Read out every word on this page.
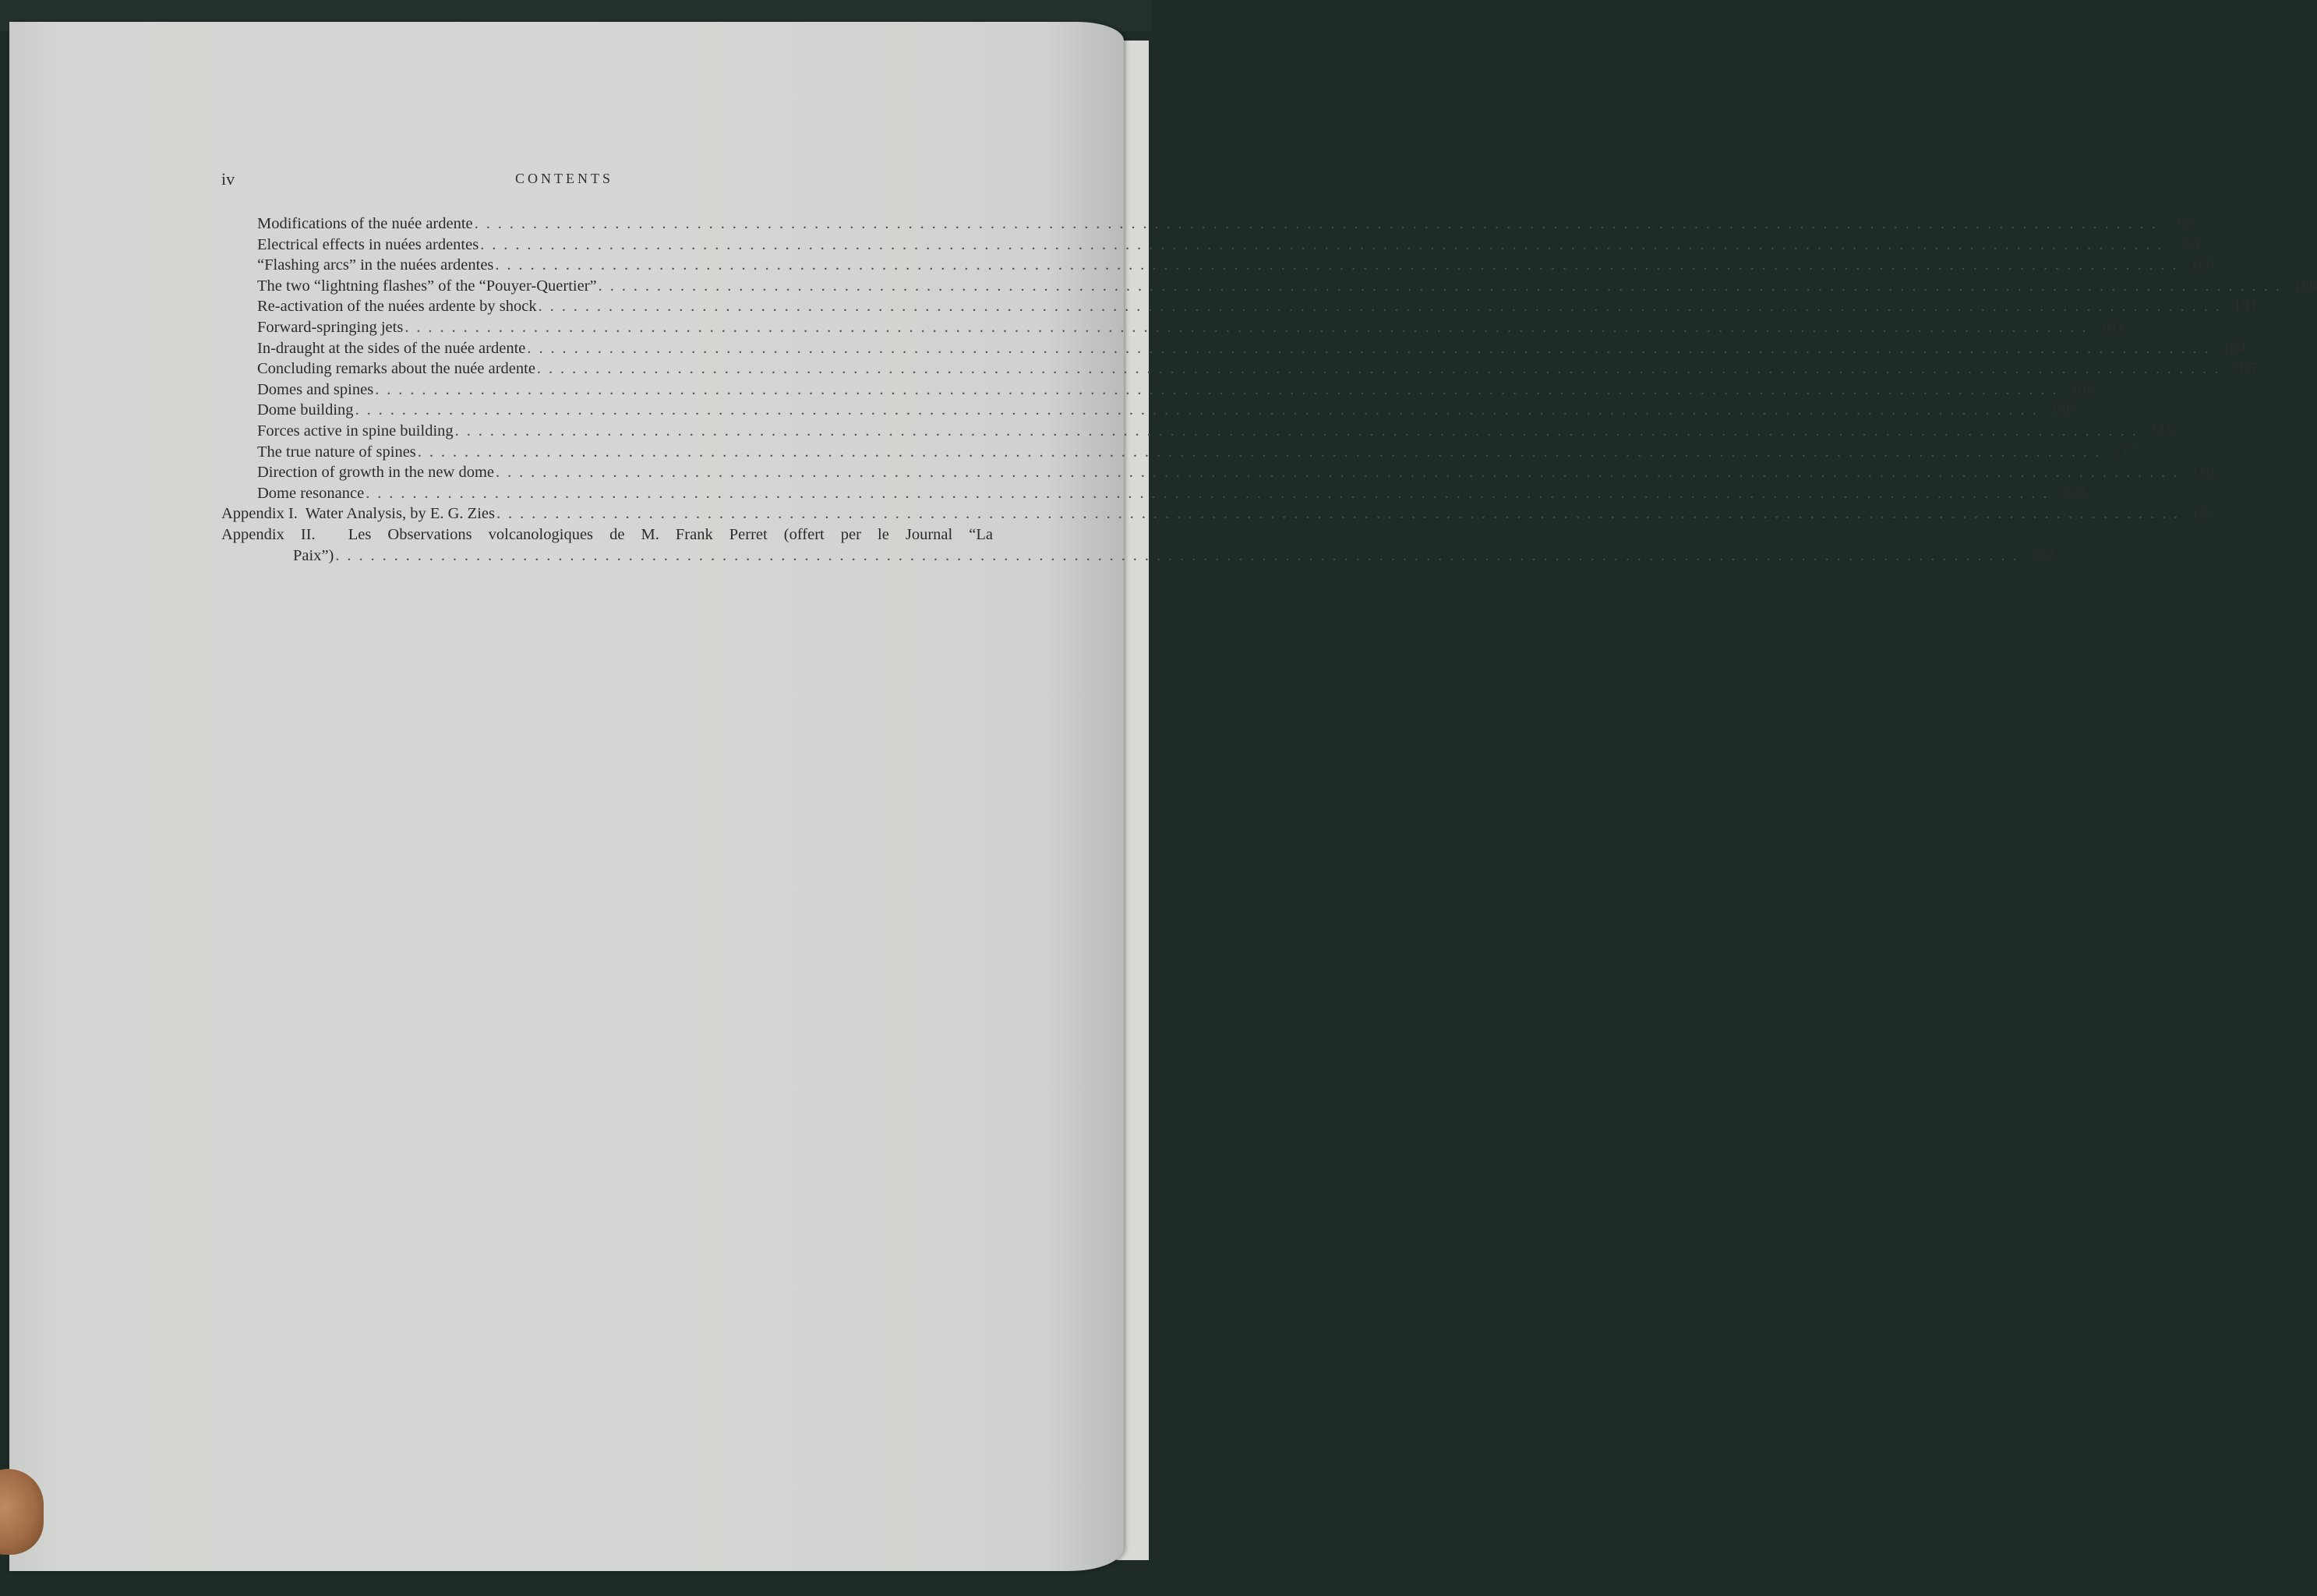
iv	CONTENTS
Modifications of the nuée ardente . . . . . . . . . . . . . . . . . . . . . . . . . . . . . . . . . . . . . . . . . . . . . . . . . . . . . . . . . . . . . . . . . . . . . . . . . . . . . . . . . . . . . . . . . . . . . . . . . . . . . . . . . . . . . . . . . . . . . . . . . . . . . . . . . . . . . . . . . . . . . . . .	97
Electrical effects in nuées ardentes . . . . . . . . . . . . . . . . . . . . . . . . . . . . . . . . . . . . . . . . . . . . . . . . . . . . . . . . . . . . . . . . . . . . . . . . . . . . . . . . . . . . . . . . . . . . . . . . . . . . . . . . . . . . . . . . . . . . . . . . . . . . . . . . . . . . . . . . . . . . . . . .	99
“Flashing arcs” in the nuées ardentes . . . . . . . . . . . . . . . . . . . . . . . . . . . . . . . . . . . . . . . . . . . . . . . . . . . . . . . . . . . . . . . . . . . . . . . . . . . . . . . . . . . . . . . . . . . . . . . . . . . . . . . . . . . . . . . . . . . . . . . . . . . . . . . . . . . . . . . . . . . . . . . . 100
The two “lightning flashes” of the “Pouyer-Quertier” . . . . . . . . . . . . . . . . . . . . . . . . . . . . . . . . . . . . . . . . . . . . . . . . . . . . . . . . . . . . . . . . . . . . . . . . . . . . . . . . . . . . . . . . . . . . . . . . . . . . . . . . . . . . . . . . . . . . . . . . . . . . . . . . . . . . . . . . . . . . . . . . 100
Re-activation of the nuées ardente by shock . . . . . . . . . . . . . . . . . . . . . . . . . . . . . . . . . . . . . . . . . . . . . . . . . . . . . . . . . . . . . . . . . . . . . . . . . . . . . . . . . . . . . . . . . . . . . . . . . . . . . . . . . . . . . . . . . . . . . . . . . . . . . . . . . . . . . . . . . . . . . . . . 101
Forward-springing jets . . . . . . . . . . . . . . . . . . . . . . . . . . . . . . . . . . . . . . . . . . . . . . . . . . . . . . . . . . . . . . . . . . . . . . . . . . . . . . . . . . . . . . . . . . . . . . . . . . . . . . . . . . . . . . . . . . . . . . . . . . . . . . . . . . . . . . . . . . . . . . . . 103
In-draught at the sides of the nuée ardente . . . . . . . . . . . . . . . . . . . . . . . . . . . . . . . . . . . . . . . . . . . . . . . . . . . . . . . . . . . . . . . . . . . . . . . . . . . . . . . . . . . . . . . . . . . . . . . . . . . . . . . . . . . . . . . . . . . . . . . . . . . . . . . . . . . . . . . . . . . . . . . . 104
Concluding remarks about the nuée ardente . . . . . . . . . . . . . . . . . . . . . . . . . . . . . . . . . . . . . . . . . . . . . . . . . . . . . . . . . . . . . . . . . . . . . . . . . . . . . . . . . . . . . . . . . . . . . . . . . . . . . . . . . . . . . . . . . . . . . . . . . . . . . . . . . . . . . . . . . . . . . . . . 105
Domes and spines . . . . . . . . . . . . . . . . . . . . . . . . . . . . . . . . . . . . . . . . . . . . . . . . . . . . . . . . . . . . . . . . . . . . . . . . . . . . . . . . . . . . . . . . . . . . . . . . . . . . . . . . . . . . . . . . . . . . . . . . . . . . . . . . . . . . . . . . . . . . . . . . 106
Dome building . . . . . . . . . . . . . . . . . . . . . . . . . . . . . . . . . . . . . . . . . . . . . . . . . . . . . . . . . . . . . . . . . . . . . . . . . . . . . . . . . . . . . . . . . . . . . . . . . . . . . . . . . . . . . . . . . . . . . . . . . . . . . . . . . . . . . . . . . . . . . . . . 108
Forces active in spine building . . . . . . . . . . . . . . . . . . . . . . . . . . . . . . . . . . . . . . . . . . . . . . . . . . . . . . . . . . . . . . . . . . . . . . . . . . . . . . . . . . . . . . . . . . . . . . . . . . . . . . . . . . . . . . . . . . . . . . . . . . . . . . . . . . . . . . . . . . . . . . . . 115
The true nature of spines . . . . . . . . . . . . . . . . . . . . . . . . . . . . . . . . . . . . . . . . . . . . . . . . . . . . . . . . . . . . . . . . . . . . . . . . . . . . . . . . . . . . . . . . . . . . . . . . . . . . . . . . . . . . . . . . . . . . . . . . . . . . . . . . . . . . . . . . . . . . . . . . 117
Direction of growth in the new dome . . . . . . . . . . . . . . . . . . . . . . . . . . . . . . . . . . . . . . . . . . . . . . . . . . . . . . . . . . . . . . . . . . . . . . . . . . . . . . . . . . . . . . . . . . . . . . . . . . . . . . . . . . . . . . . . . . . . . . . . . . . . . . . . . . . . . . . . . . . . . . . . 119
Dome resonance . . . . . . . . . . . . . . . . . . . . . . . . . . . . . . . . . . . . . . . . . . . . . . . . . . . . . . . . . . . . . . . . . . . . . . . . . . . . . . . . . . . . . . . . . . . . . . . . . . . . . . . . . . . . . . . . . . . . . . . . . . . . . . . . . . . . . . . . . . . . . . . . 120
Appendix I.  Water Analysis, by E. G. Zies . . . . . . . . . . . . . . . . . . . . . . . . . . . . . . . . . . . . . . . . . . . . . . . . . . . . . . . . . . . . . . . . . . . . . . . . . . . . . . . . . . . . . . . . . . . . . . . . . . . . . . . . . . . . . . . . . . . . . . . . . . . . . . . . . . . . . . . . . . . . . . . . 121
Appendix II.  Les Observations volcanologiques de M. Frank Perret (offert per le Journal “La
Paix”) . . . . . . . . . . . . . . . . . . . . . . . . . . . . . . . . . . . . . . . . . . . . . . . . . . . . . . . . . . . . . . . . . . . . . . . . . . . . . . . . . . . . . . . . . . . . . . . . . . . . . . . . . . . . . . . . . . . . . . . . . . . . . . . . . . . . . . . . . . . . . . . . 122
